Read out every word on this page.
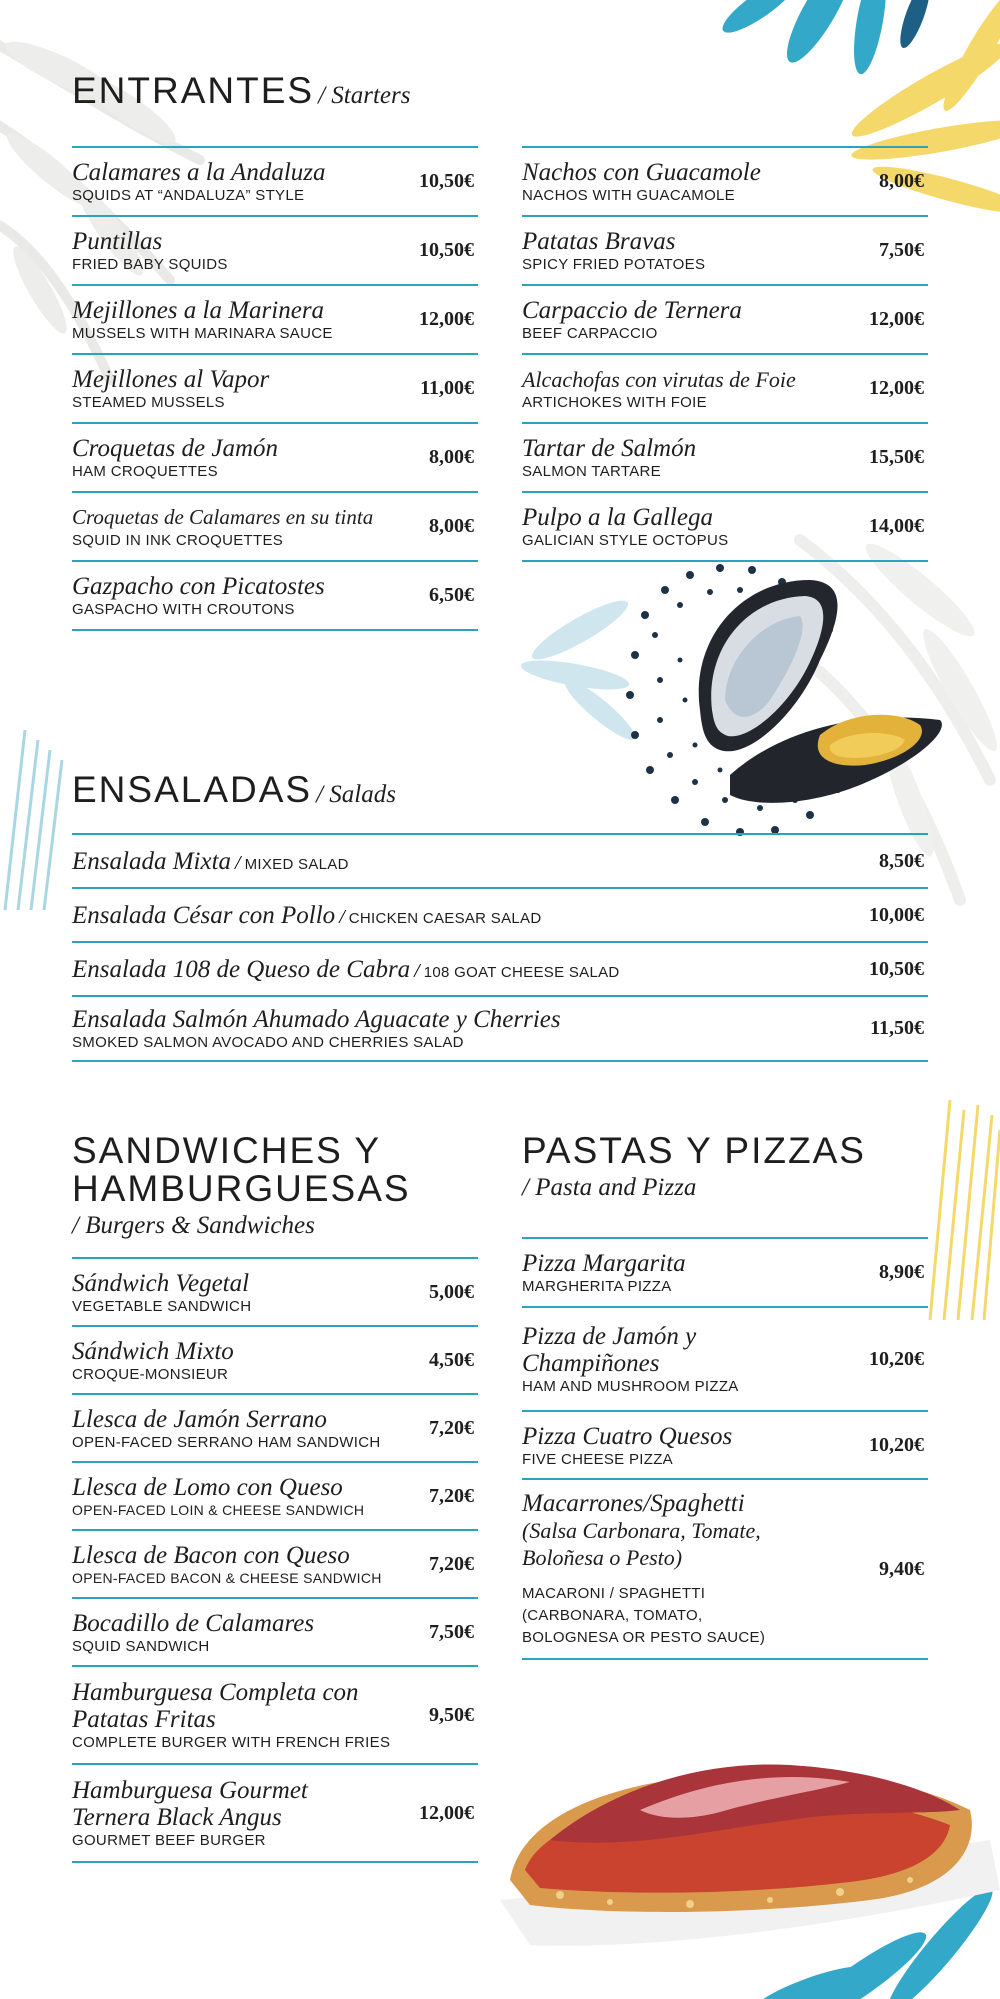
ENTRANTES / Starters
Calamares a la Andaluza
SQUIDS AT “ANDALUZA” STYLE
10,50€
Puntillas
FRIED BABY SQUIDS
10,50€
Mejillones a la Marinera
MUSSELS WITH MARINARA SAUCE
12,00€
Mejillones al Vapor
STEAMED MUSSELS
11,00€
Croquetas de Jamón
HAM CROQUETTES
8,00€
Croquetas de Calamares en su tinta
SQUID IN INK CROQUETTES
8,00€
Gazpacho con Picatostes
GASPACHO WITH CROUTONS
6,50€
Nachos con Guacamole
NACHOS WITH GUACAMOLE
8,00€
Patatas Bravas
SPICY FRIED POTATOES
7,50€
Carpaccio de Ternera
BEEF CARPACCIO
12,00€
Alcachofas con virutas de Foie
ARTICHOKES WITH FOIE
12,00€
Tartar de Salmón
SALMON TARTARE
15,50€
Pulpo a la Gallega
GALICIAN STYLE OCTOPUS
14,00€
ENSALADAS / Salads
Ensalada Mixta / MIXED SALAD	8,50€
Ensalada César con Pollo / CHICKEN CAESAR SALAD	10,00€
Ensalada 108 de Queso de Cabra / 108 GOAT CHEESE SALAD	10,50€
Ensalada Salmón Ahumado Aguacate y Cherries
SMOKED SALMON AVOCADO AND CHERRIES SALAD
11,50€
SANDWICHES Y
HAMBURGUESAS
/ Burgers & Sandwiches
Sándwich Vegetal
VEGETABLE SANDWICH
5,00€
Sándwich Mixto
CROQUE-MONSIEUR
4,50€
Llesca de Jamón Serrano
OPEN-FACED SERRANO HAM SANDWICH
7,20€
Llesca de Lomo con Queso
OPEN-FACED LOIN & CHEESE SANDWICH
7,20€
Llesca de Bacon con Queso
OPEN-FACED BACON & CHEESE SANDWICH
7,20€
Bocadillo de Calamares
SQUID SANDWICH
7,50€
Hamburguesa Completa con
Patatas Fritas
COMPLETE BURGER WITH FRENCH FRIES
9,50€
Hamburguesa Gourmet
Ternera Black Angus
GOURMET BEEF BURGER
12,00€
PASTAS Y PIZZAS
/ Pasta and Pizza
Pizza Margarita
MARGHERITA PIZZA
8,90€
Pizza de Jamón y
Champiñones
HAM AND MUSHROOM PIZZA
10,20€
Pizza Cuatro Quesos
FIVE CHEESE PIZZA
10,20€
Macarrones/Spaghetti
(Salsa Carbonara, Tomate,
Boloñesa o Pesto)
MACARONI / SPAGHETTI
(CARBONARA, TOMATO,
BOLOGNESA OR PESTO SAUCE)
9,40€
